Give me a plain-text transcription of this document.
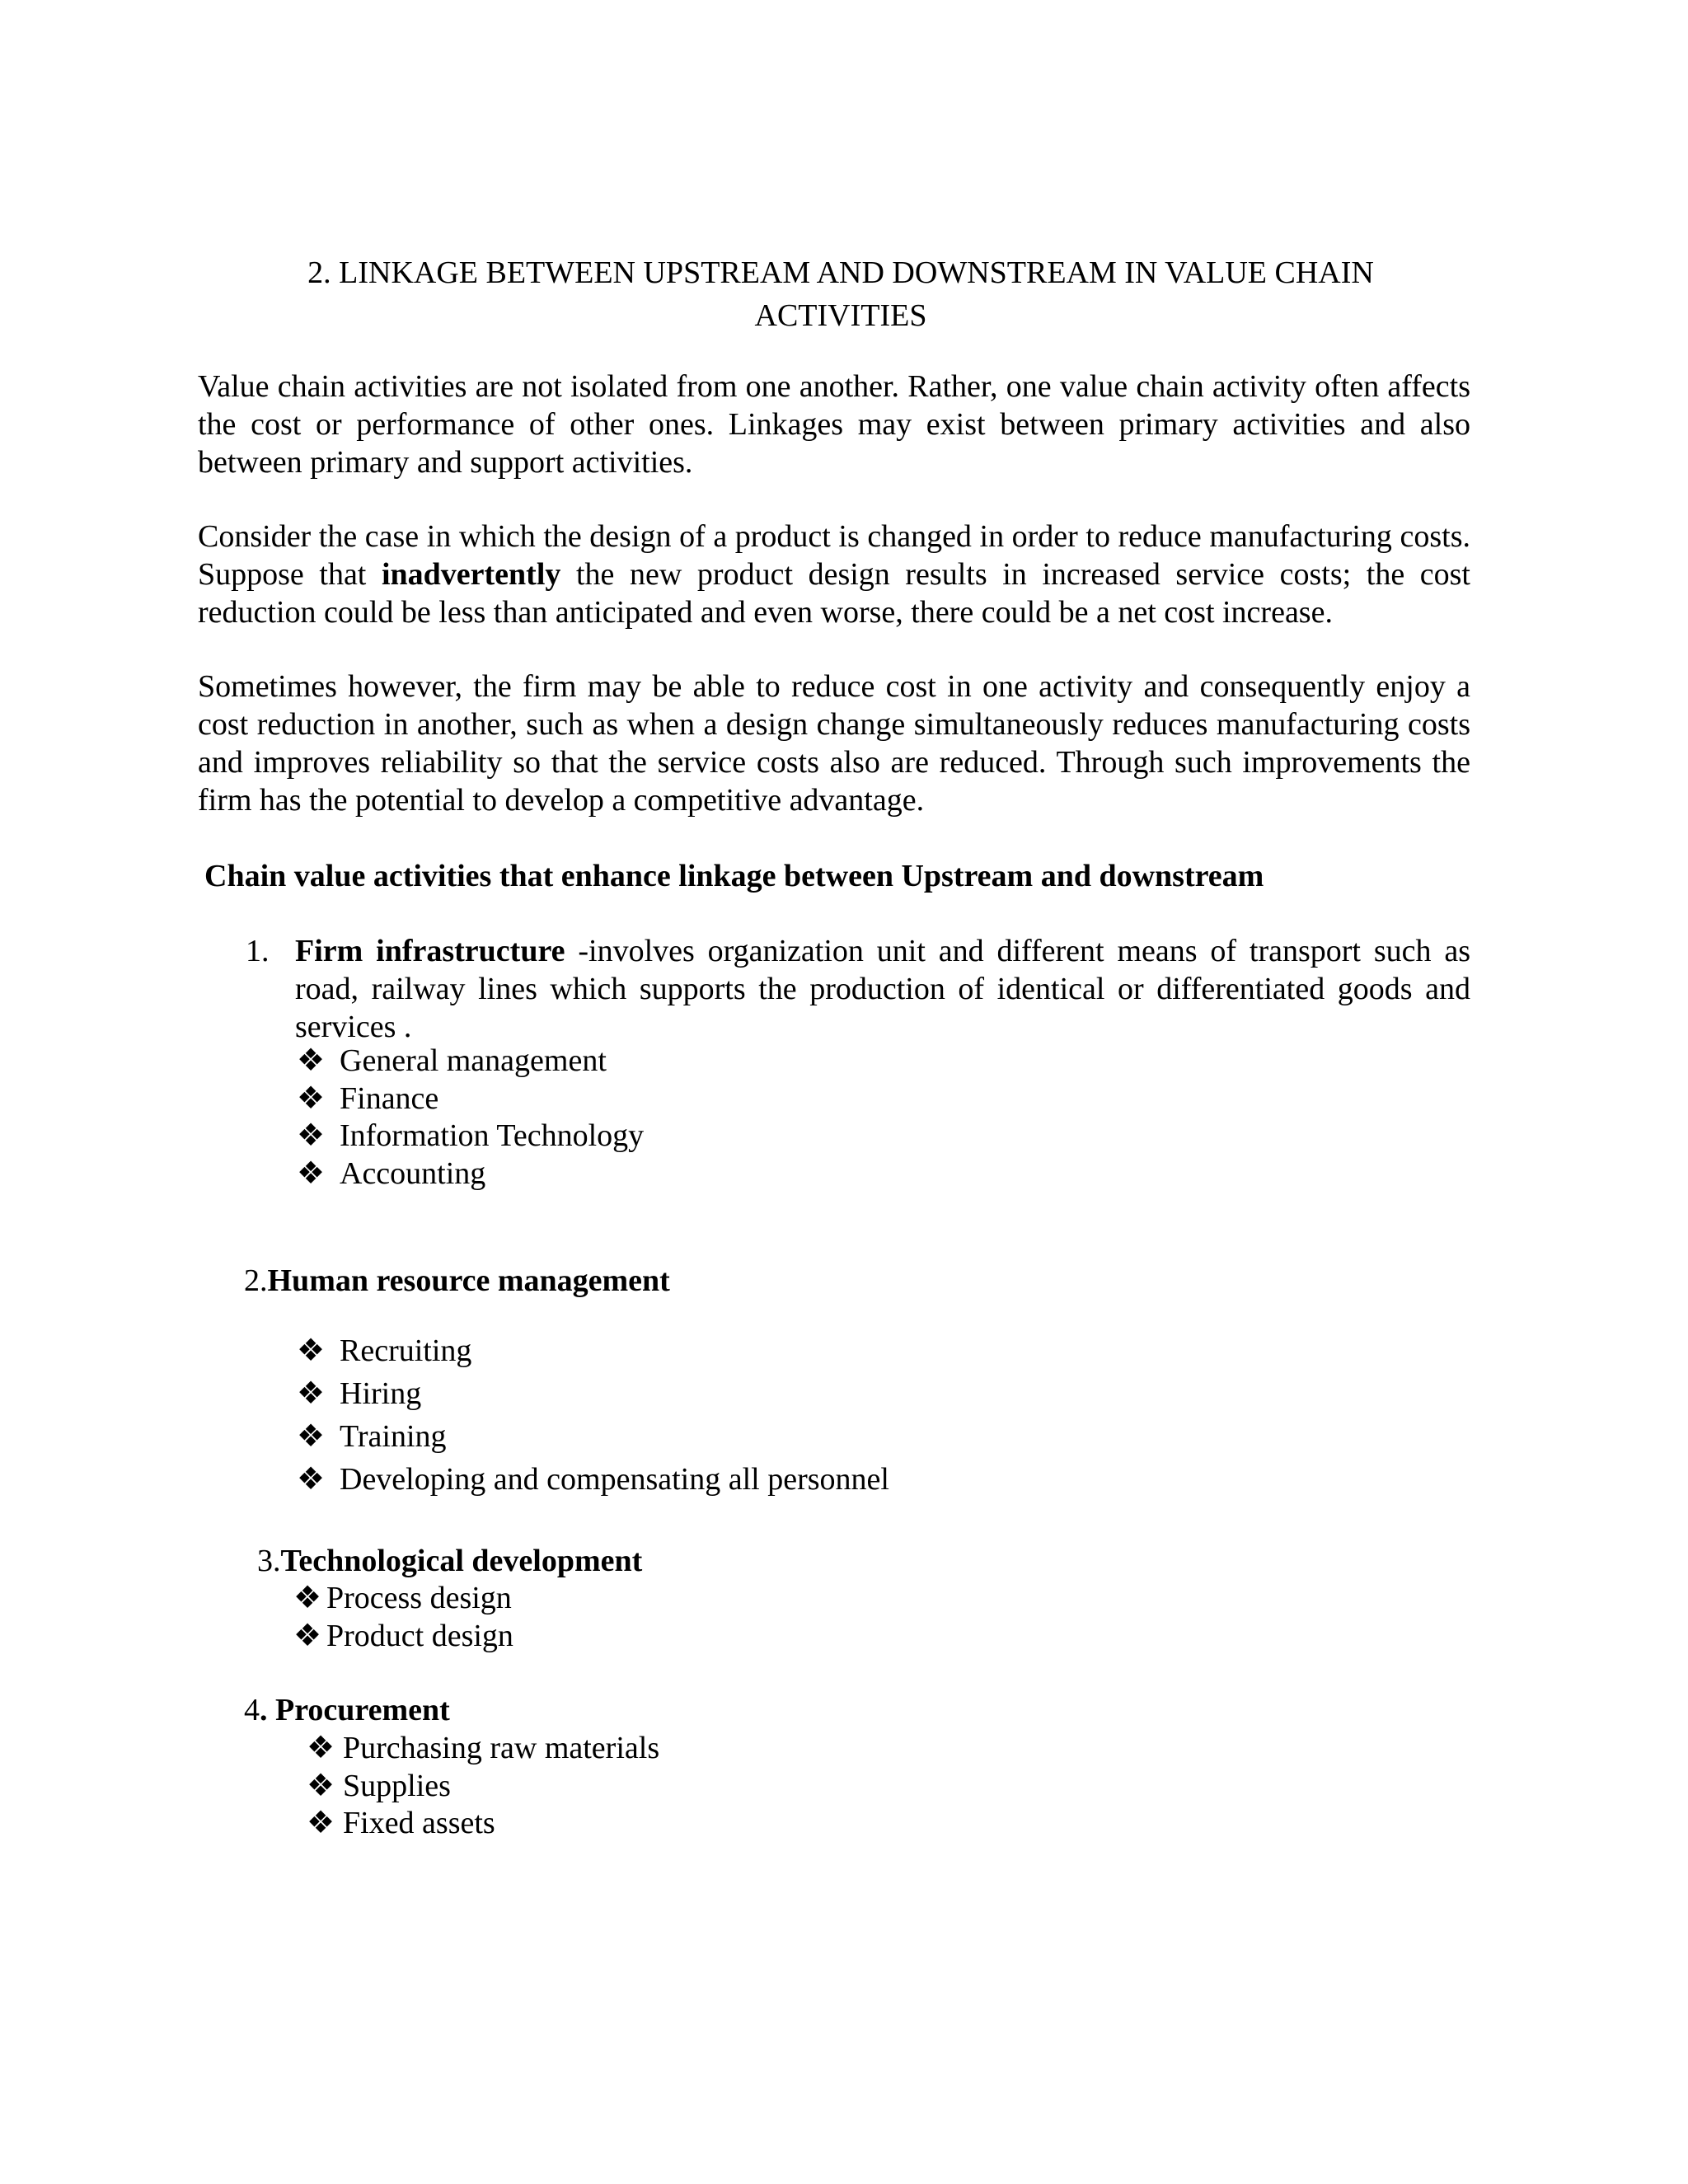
2. LINKAGE BETWEEN UPSTREAM AND DOWNSTREAM IN VALUE CHAIN
ACTIVITIES
Value chain activities are not isolated from one another. Rather, one value chain activity often affects the cost or performance of other ones. Linkages may exist between primary activities and also between primary and support activities.
Consider the case in which the design of a product is changed in order to reduce manufacturing costs. Suppose that inadvertently the new product design results in increased service costs; the cost reduction could be less than anticipated and even worse, there could be a net cost increase.
Sometimes however, the firm may be able to reduce cost in one activity and consequently enjoy a cost reduction in another, such as when a design change simultaneously reduces manufacturing costs and improves reliability so that the service costs also are reduced. Through such improvements the firm has the potential to develop a competitive advantage.
Chain value activities that enhance linkage between Upstream and downstream
1. Firm infrastructure -involves organization unit and different means of transport such as road, railway lines which supports the production of identical or differentiated goods and services .
❖ General management
❖ Finance
❖ Information Technology
❖ Accounting
2.Human resource management
❖ Recruiting
❖ Hiring
❖ Training
❖ Developing and compensating all personnel
3.Technological development
❖ Process design
❖ Product design
4. Procurement
❖ Purchasing raw materials
❖ Supplies
❖ Fixed assets
